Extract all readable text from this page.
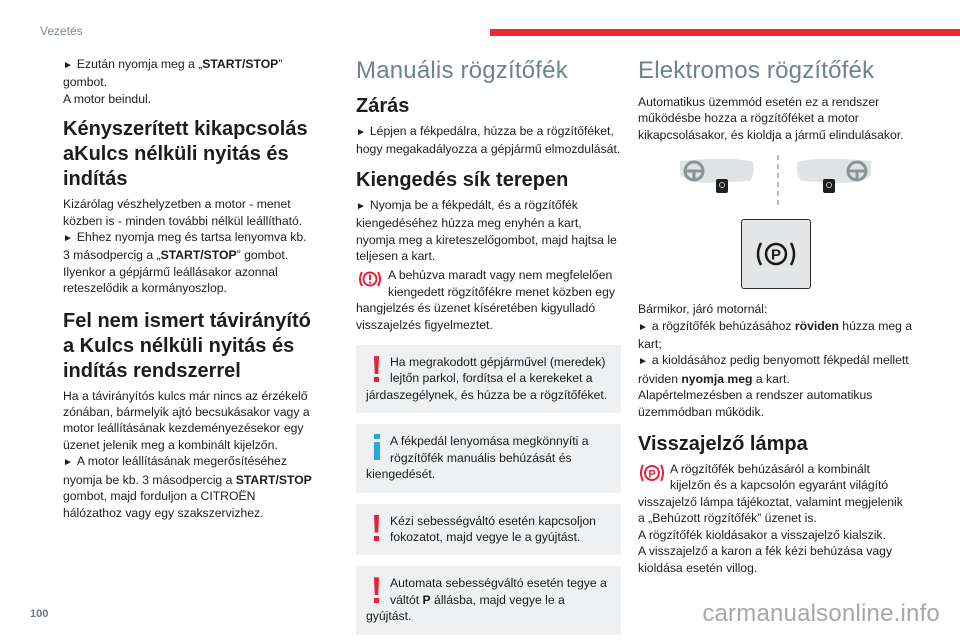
Vezetés

► Ezután nyomja meg a „START/STOP” gombot.
A motor beindul.

Kényszerített kikapcsolás aKulcs nélküli nyitás és indítás

Kizárólag vészhelyzetben a motor - menet közben is - minden további nélkül leállítható.
► Ehhez nyomja meg és tartsa lenyomva kb. 3 másodpercig a „START/STOP” gombot.
Ilyenkor a gépjármű leállásakor azonnal reteszelődik a kormányoszlop.

Fel nem ismert távirányító a Kulcs nélküli nyitás és indítás rendszerrel

Ha a távirányítós kulcs már nincs az érzékelő zónában, bármelyik ajtó becsukásakor vagy a motor leállításának kezdeményezésekor egy üzenet jelenik meg a kombinált kijelzőn.
► A motor leállításának megerősítéséhez nyomja be kb. 3 másodpercig a START/STOP gombot, majd forduljon a CITROËN hálózathoz vagy egy szakszervizhez.

Manuális rögzítőfék
Zárás

► Lépjen a fékpedálra, húzza be a rögzítőféket, hogy megakadályozza a gépjármű elmozdulását.

Kiengedés sík terepen

► Nyomja be a fékpedált, és a rögzítőfék kiengedéséhez húzza meg enyhén a kart, nyomja meg a kireteszelőgombot, majd hajtsa le teljesen a kart.

A behúzva maradt vagy nem megfelelően kiengedett rögzítőfékre menet közben egy hangjelzés és üzenet kíséretében kigyulladó visszajelzés figyelmeztet.

Ha megrakodott gépjárművel (meredek) lejtőn parkol, fordítsa el a kerekeket a járdaszegélynek, és húzza be a rögzítőféket.
A fékpedál lenyomása megkönnyíti a rögzítőfék manuális behúzását és kiengedését.
Kézi sebességváltó esetén kapcsoljon fokozatot, majd vegye le a gyújtást.
Automata sebességváltó esetén tegye a váltót P állásba, majd vegye le a gyújtást.
Elektromos rögzítőfék

Automatikus üzemmód esetén ez a rendszer működésbe hozza a rögzítőféket a motor kikapcsolásakor, és kioldja a jármű elindulásakor.

P

Bármikor, járó motornál:
► a rögzítőfék behúzásához röviden húzza meg a kart;
► a kioldásához pedig benyomott fékpedál mellett röviden nyomja meg a kart.
Alapértelmezésben a rendszer automatikus üzemmódban működik.

Visszajelző lámpa

P A rögzítőfék behúzásáról a kombinált kijelzőn és a kapcsolón egyaránt világító visszajelző lámpa tájékoztat, valamint megjelenik a „Behúzott rögzítőfék” üzenet is.
A rögzítőfék kioldásakor a visszajelző kialszik.
A visszajelző a karon a fék kézi behúzása vagy kioldása esetén villog.

100	carmanualsonline.info
